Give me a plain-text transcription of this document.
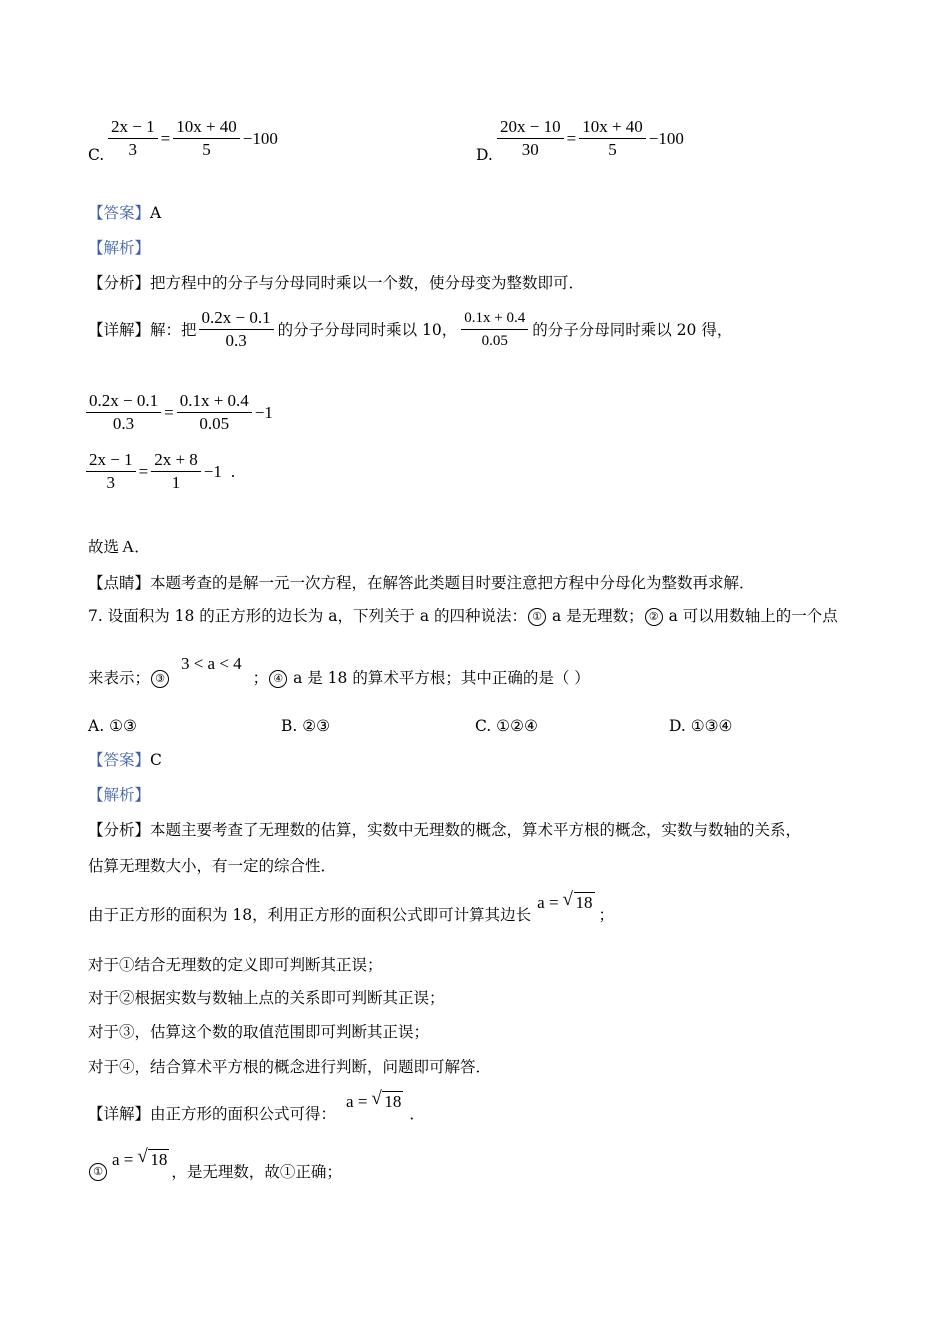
C. $\frac{2x - 1}{3} = \frac{10x + 40}{5} -100$
D. $\frac{20x - 10}{30} = \frac{10x + 40}{5} -100$
【答案】A
【解析】
【分析】把方程中的分子与分母同时乘以一个数，使分母变为整数即可．
【详解】 解：把 $\frac{0.2x - 0.1}{0.3}$ 的分子分母同时乘以 10， $\frac{0.1x + 0.4}{0.05}$ 的分子分母同时乘以 20 得，
$\frac{0.2x - 0.1}{0.3} = \frac{0.1x + 0.4}{0.05} -1$
$\frac{2x - 1}{3} = \frac{2x + 8}{1} -1$ .
故选 A．
【点睛】本题考查的是解一元一次方程，在解答此类题目时要注意把方程中分母化为整数再求解．
7. 设面积为 18 的正方形的边长为 a，下列关于 a 的四种说法： ① a 是无理数； ② a 可以用数轴上的一个点
来表示； ③ 3 < a < 4 ； ④ a 是 18 的算术平方根；其中正确的是（ ）
A. ①③	B. ②③	C. ①②④	D. ①③④
【答案】C
【解析】
【分析】本题主要考查了无理数的估算，实数中无理数的概念，算术平方根的概念，实数与数轴的关系，
估算无理数大小，有一定的综合性．
由于正方形的面积为 18，利用正方形的面积公式即可计算其边长
a = √ 18
；
对于①结合无理数的定义即可判断其正误；
对于②根据实数与数轴上点的关系即可判断其正误；
对于③，估算这个数的取值范围即可判断其正误；
对于④，结合算术平方根的概念进行判断，问题即可解答．
【详解】 由正方形的面积公式可得：
a = √ 18
．
①
a = √ 18
，是无理数，故①正确；
